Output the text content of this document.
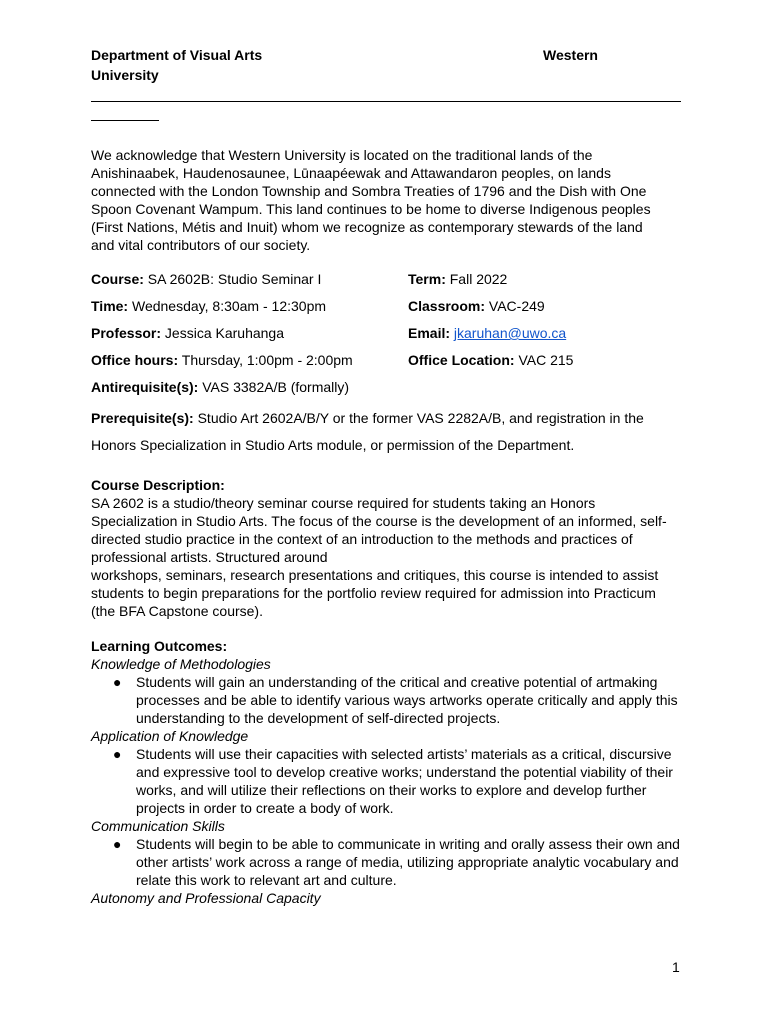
Department of Visual Arts	Western
University

We acknowledge that Western University is located on the traditional lands of the Anishinaabek, Haudenosaunee, Lūnaapéewak and Attawandaron peoples, on lands connected with the London Township and Sombra Treaties of 1796 and the Dish with One Spoon Covenant Wampum. This land continues to be home to diverse Indigenous peoples (First Nations, Métis and Inuit) whom we recognize as contemporary stewards of the land and vital contributors of our society.

Course: SA 2602B: Studio Seminar I	Term: Fall 2022
Time: Wednesday, 8:30am - 12:30pm	Classroom: VAC-249
Professor: Jessica Karuhanga	Email: jkaruhan@uwo.ca
Office hours: Thursday, 1:00pm - 2:00pm	Office Location: VAC 215
Antirequisite(s): VAS 3382A/B (formally)
Prerequisite(s): Studio Art 2602A/B/Y or the former VAS 2282A/B, and registration in the Honors Specialization in Studio Arts module, or permission of the Department.
Course Description:
SA 2602 is a studio/theory seminar course required for students taking an Honors Specialization in Studio Arts. The focus of the course is the development of an informed, self-directed studio practice in the context of an introduction to the methods and practices of professional artists. Structured around
workshops, seminars, research presentations and critiques, this course is intended to assist students to begin preparations for the portfolio review required for admission into Practicum (the BFA Capstone course).
Learning Outcomes:
Knowledge of Methodologies
● Students will gain an understanding of the critical and creative potential of artmaking processes and be able to identify various ways artworks operate critically and apply this understanding to the development of self-directed projects.
Application of Knowledge
● Students will use their capacities with selected artists’ materials as a critical, discursive and expressive tool to develop creative works; understand the potential viability of their works, and will utilize their reflections on their works to explore and develop further projects in order to create a body of work.
Communication Skills
● Students will begin to be able to communicate in writing and orally assess their own and other artists’ work across a range of media, utilizing appropriate analytic vocabulary and relate this work to relevant art and culture.
Autonomy and Professional Capacity
1
